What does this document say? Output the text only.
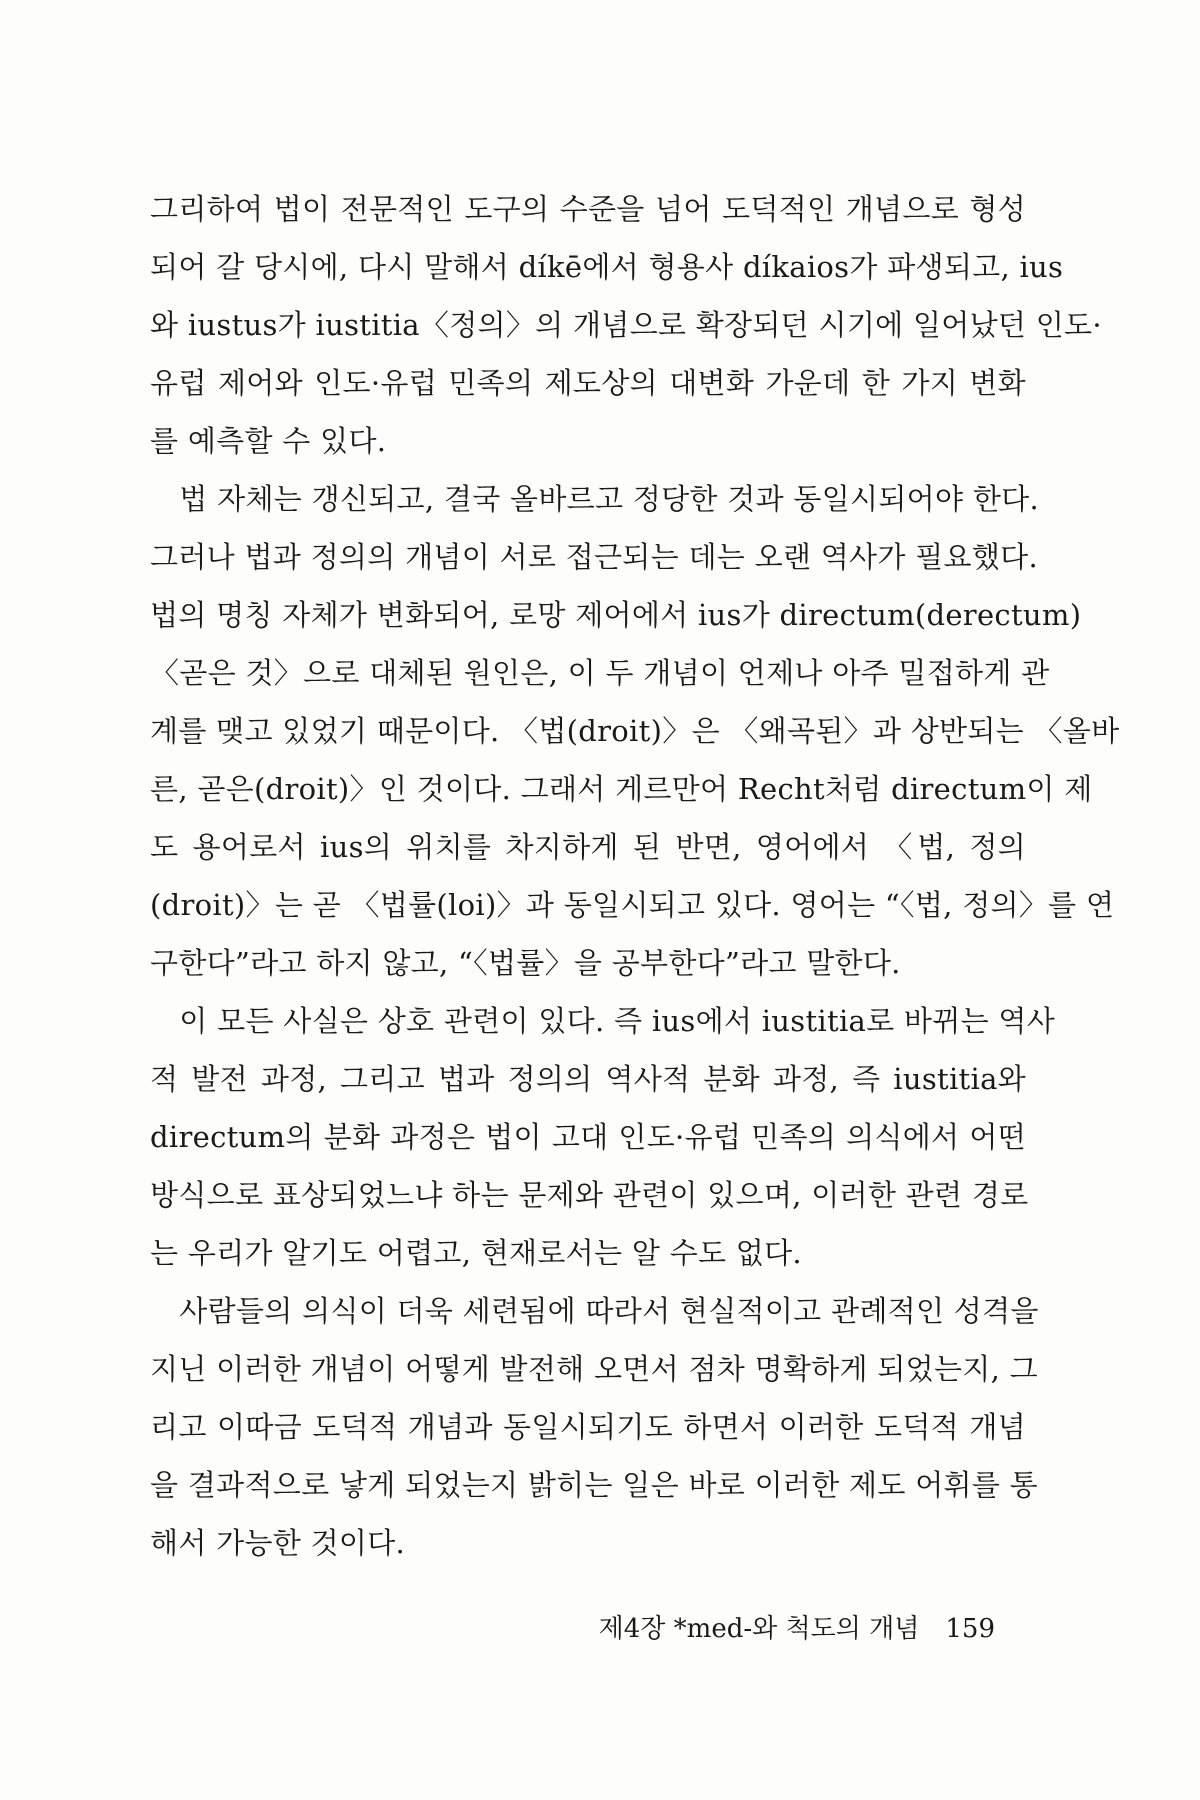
그리하여 법이 전문적인 도구의 수준을 넘어 도덕적인 개념으로 형성

되어 갈 당시에, 다시 말해서 díkē에서 형용사 díkaios가 파생되고, ius

와 iustus가 iustitia〈정의〉의 개념으로 확장되던 시기에 일어났던 인도·

유럽 제어와 인도·유럽 민족의 제도상의 대변화 가운데 한 가지 변화

를 예측할 수 있다.

　법 자체는 갱신되고, 결국 올바르고 정당한 것과 동일시되어야 한다.

그러나 법과 정의의 개념이 서로 접근되는 데는 오랜 역사가 필요했다.

법의 명칭 자체가 변화되어, 로망 제어에서 ius가 directum(derectum)

〈곧은 것〉으로 대체된 원인은, 이 두 개념이 언제나 아주 밀접하게 관

계를 맺고 있었기 때문이다. 〈법(droit)〉은 〈왜곡된〉과 상반되는 〈올바

른, 곧은(droit)〉인 것이다. 그래서 게르만어 Recht처럼 directum이 제

도 용어로서 ius의 위치를 차지하게 된 반면, 영어에서 〈법, 정의

(droit)〉는 곧 〈법률(loi)〉과 동일시되고 있다. 영어는 “〈법, 정의〉를 연

구한다”라고 하지 않고, “〈법률〉을 공부한다”라고 말한다.

　이 모든 사실은 상호 관련이 있다. 즉 ius에서 iustitia로 바뀌는 역사

적 발전 과정, 그리고 법과 정의의 역사적 분화 과정, 즉 iustitia와

directum의 분화 과정은 법이 고대 인도·유럽 민족의 의식에서 어떤

방식으로 표상되었느냐 하는 문제와 관련이 있으며, 이러한 관련 경로

는 우리가 알기도 어렵고, 현재로서는 알 수도 없다.

　사람들의 의식이 더욱 세련됨에 따라서 현실적이고 관례적인 성격을

지닌 이러한 개념이 어떻게 발전해 오면서 점차 명확하게 되었는지, 그

리고 이따금 도덕적 개념과 동일시되기도 하면서 이러한 도덕적 개념

을 결과적으로 낳게 되었는지 밝히는 일은 바로 이러한 제도 어휘를 통

해서 가능한 것이다.

제4장 *med-와 척도의 개념 159
